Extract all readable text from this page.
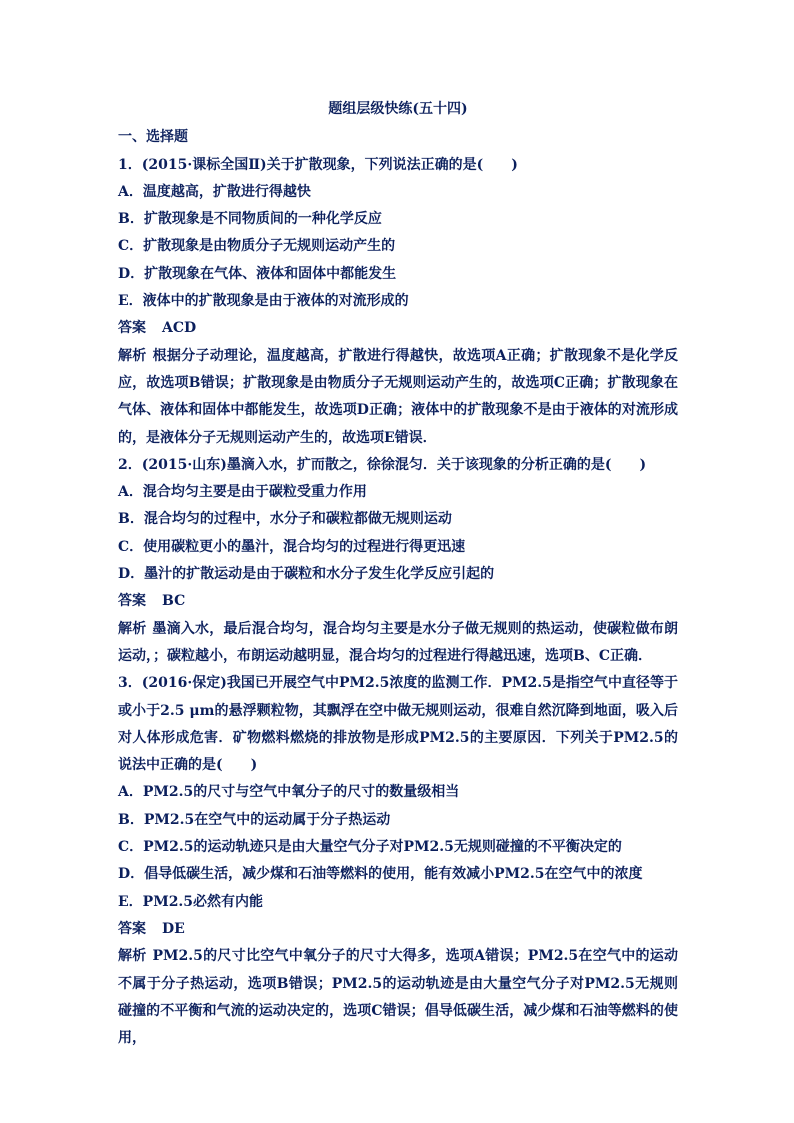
题组层级快练(五十四)
一、选择题
1．(2015·课标全国Ⅱ)关于扩散现象，下列说法正确的是(　　)
A．温度越高，扩散进行得越快
B．扩散现象是不同物质间的一种化学反应
C．扩散现象是由物质分子无规则运动产生的
D．扩散现象在气体、液体和固体中都能发生
E．液体中的扩散现象是由于液体的对流形成的
答案 ACD
解析 根据分子动理论，温度越高，扩散进行得越快，故选项A正确；扩散现象不是化学反应，故选项B错误；扩散现象是由物质分子无规则运动产生的，故选项C正确；扩散现象在气体、液体和固体中都能发生，故选项D正确；液体中的扩散现象不是由于液体的对流形成的，是液体分子无规则运动产生的，故选项E错误．
2．(2015·山东)墨滴入水，扩而散之，徐徐混匀．关于该现象的分析正确的是(　　)
A．混合均匀主要是由于碳粒受重力作用
B．混合均匀的过程中，水分子和碳粒都做无规则运动
C．使用碳粒更小的墨汁，混合均匀的过程进行得更迅速
D．墨汁的扩散运动是由于碳粒和水分子发生化学反应引起的
答案 BC
解析 墨滴入水，最后混合均匀，混合均匀主要是水分子做无规则的热运动，使碳粒做布朗运动，；碳粒越小，布朗运动越明显，混合均匀的过程进行得越迅速，选项B、C正确．
3．(2016·保定)我国已开展空气中PM2.5浓度的监测工作．PM2.5是指空气中直径等于或小于2.5 μm的悬浮颗粒物，其飘浮在空中做无规则运动，很难自然沉降到地面，吸入后对人体形成危害．矿物燃料燃烧的排放物是形成PM2.5的主要原因．下列关于PM2.5的说法中正确的是(　　)
A．PM2.5的尺寸与空气中氧分子的尺寸的数量级相当
B．PM2.5在空气中的运动属于分子热运动
C．PM2.5的运动轨迹只是由大量空气分子对PM2.5无规则碰撞的不平衡决定的
D．倡导低碳生活，减少煤和石油等燃料的使用，能有效减小PM2.5在空气中的浓度
E．PM2.5必然有内能
答案 DE
解析 PM2.5的尺寸比空气中氧分子的尺寸大得多，选项A错误；PM2.5在空气中的运动不属于分子热运动，选项B错误；PM2.5的运动轨迹是由大量空气分子对PM2.5无规则碰撞的不平衡和气流的运动决定的，选项C错误；倡导低碳生活，减少煤和石油等燃料的使用，
